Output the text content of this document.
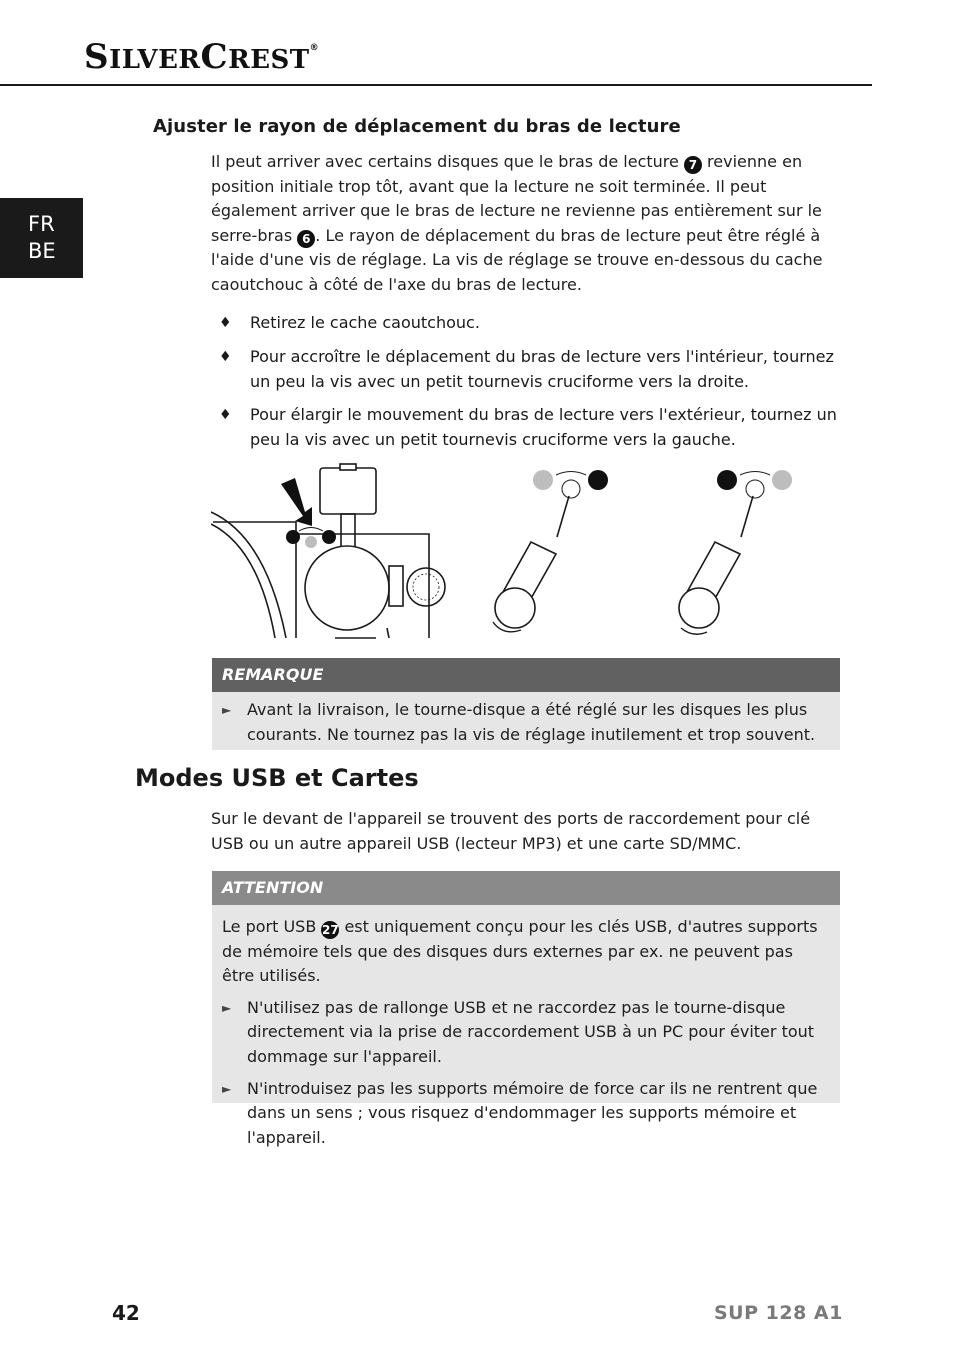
SILVERCREST®
FR
BE
Ajuster le rayon de déplacement du bras de lecture

Il peut arriver avec certains disques que le bras de lecture 7 revienne en position initiale trop tôt, avant que la lecture ne soit terminée. Il peut également arriver que le bras de lecture ne revienne pas entièrement sur le serre-bras 6 . Le rayon de déplacement du bras de lecture peut être réglé à l'aide d'une vis de réglage. La vis de réglage se trouve en-dessous du cache caoutchouc à côté de l'axe du bras de lecture.

♦ Retirez le cache caoutchouc.
♦ Pour accroître le déplacement du bras de lecture vers l'intérieur, tournez un peu la vis avec un petit tournevis cruciforme vers la droite.
♦ Pour élargir le mouvement du bras de lecture vers l'extérieur, tournez un peu la vis avec un petit tournevis cruciforme vers la gauche.
REMARQUE
► Avant la livraison, le tourne-disque a été réglé sur les disques les plus courants. Ne tournez pas la vis de réglage inutilement et trop souvent.
Modes USB et Cartes

Sur le devant de l'appareil se trouvent des ports de raccordement pour clé USB ou un autre appareil USB (lecteur MP3) et une carte SD/MMC.

ATTENTION
Le port USB 27 est uniquement conçu pour les clés USB, d'autres supports de mémoire tels que des disques durs externes par ex. ne peuvent pas être utilisés.
► N'utilisez pas de rallonge USB et ne raccordez pas le tourne-disque directement via la prise de raccordement USB à un PC pour éviter tout dommage sur l'appareil.
► N'introduisez pas les supports mémoire de force car ils ne rentrent que dans un sens ; vous risquez d'endommager les supports mémoire et l'appareil.
42	SUP 128 A1
